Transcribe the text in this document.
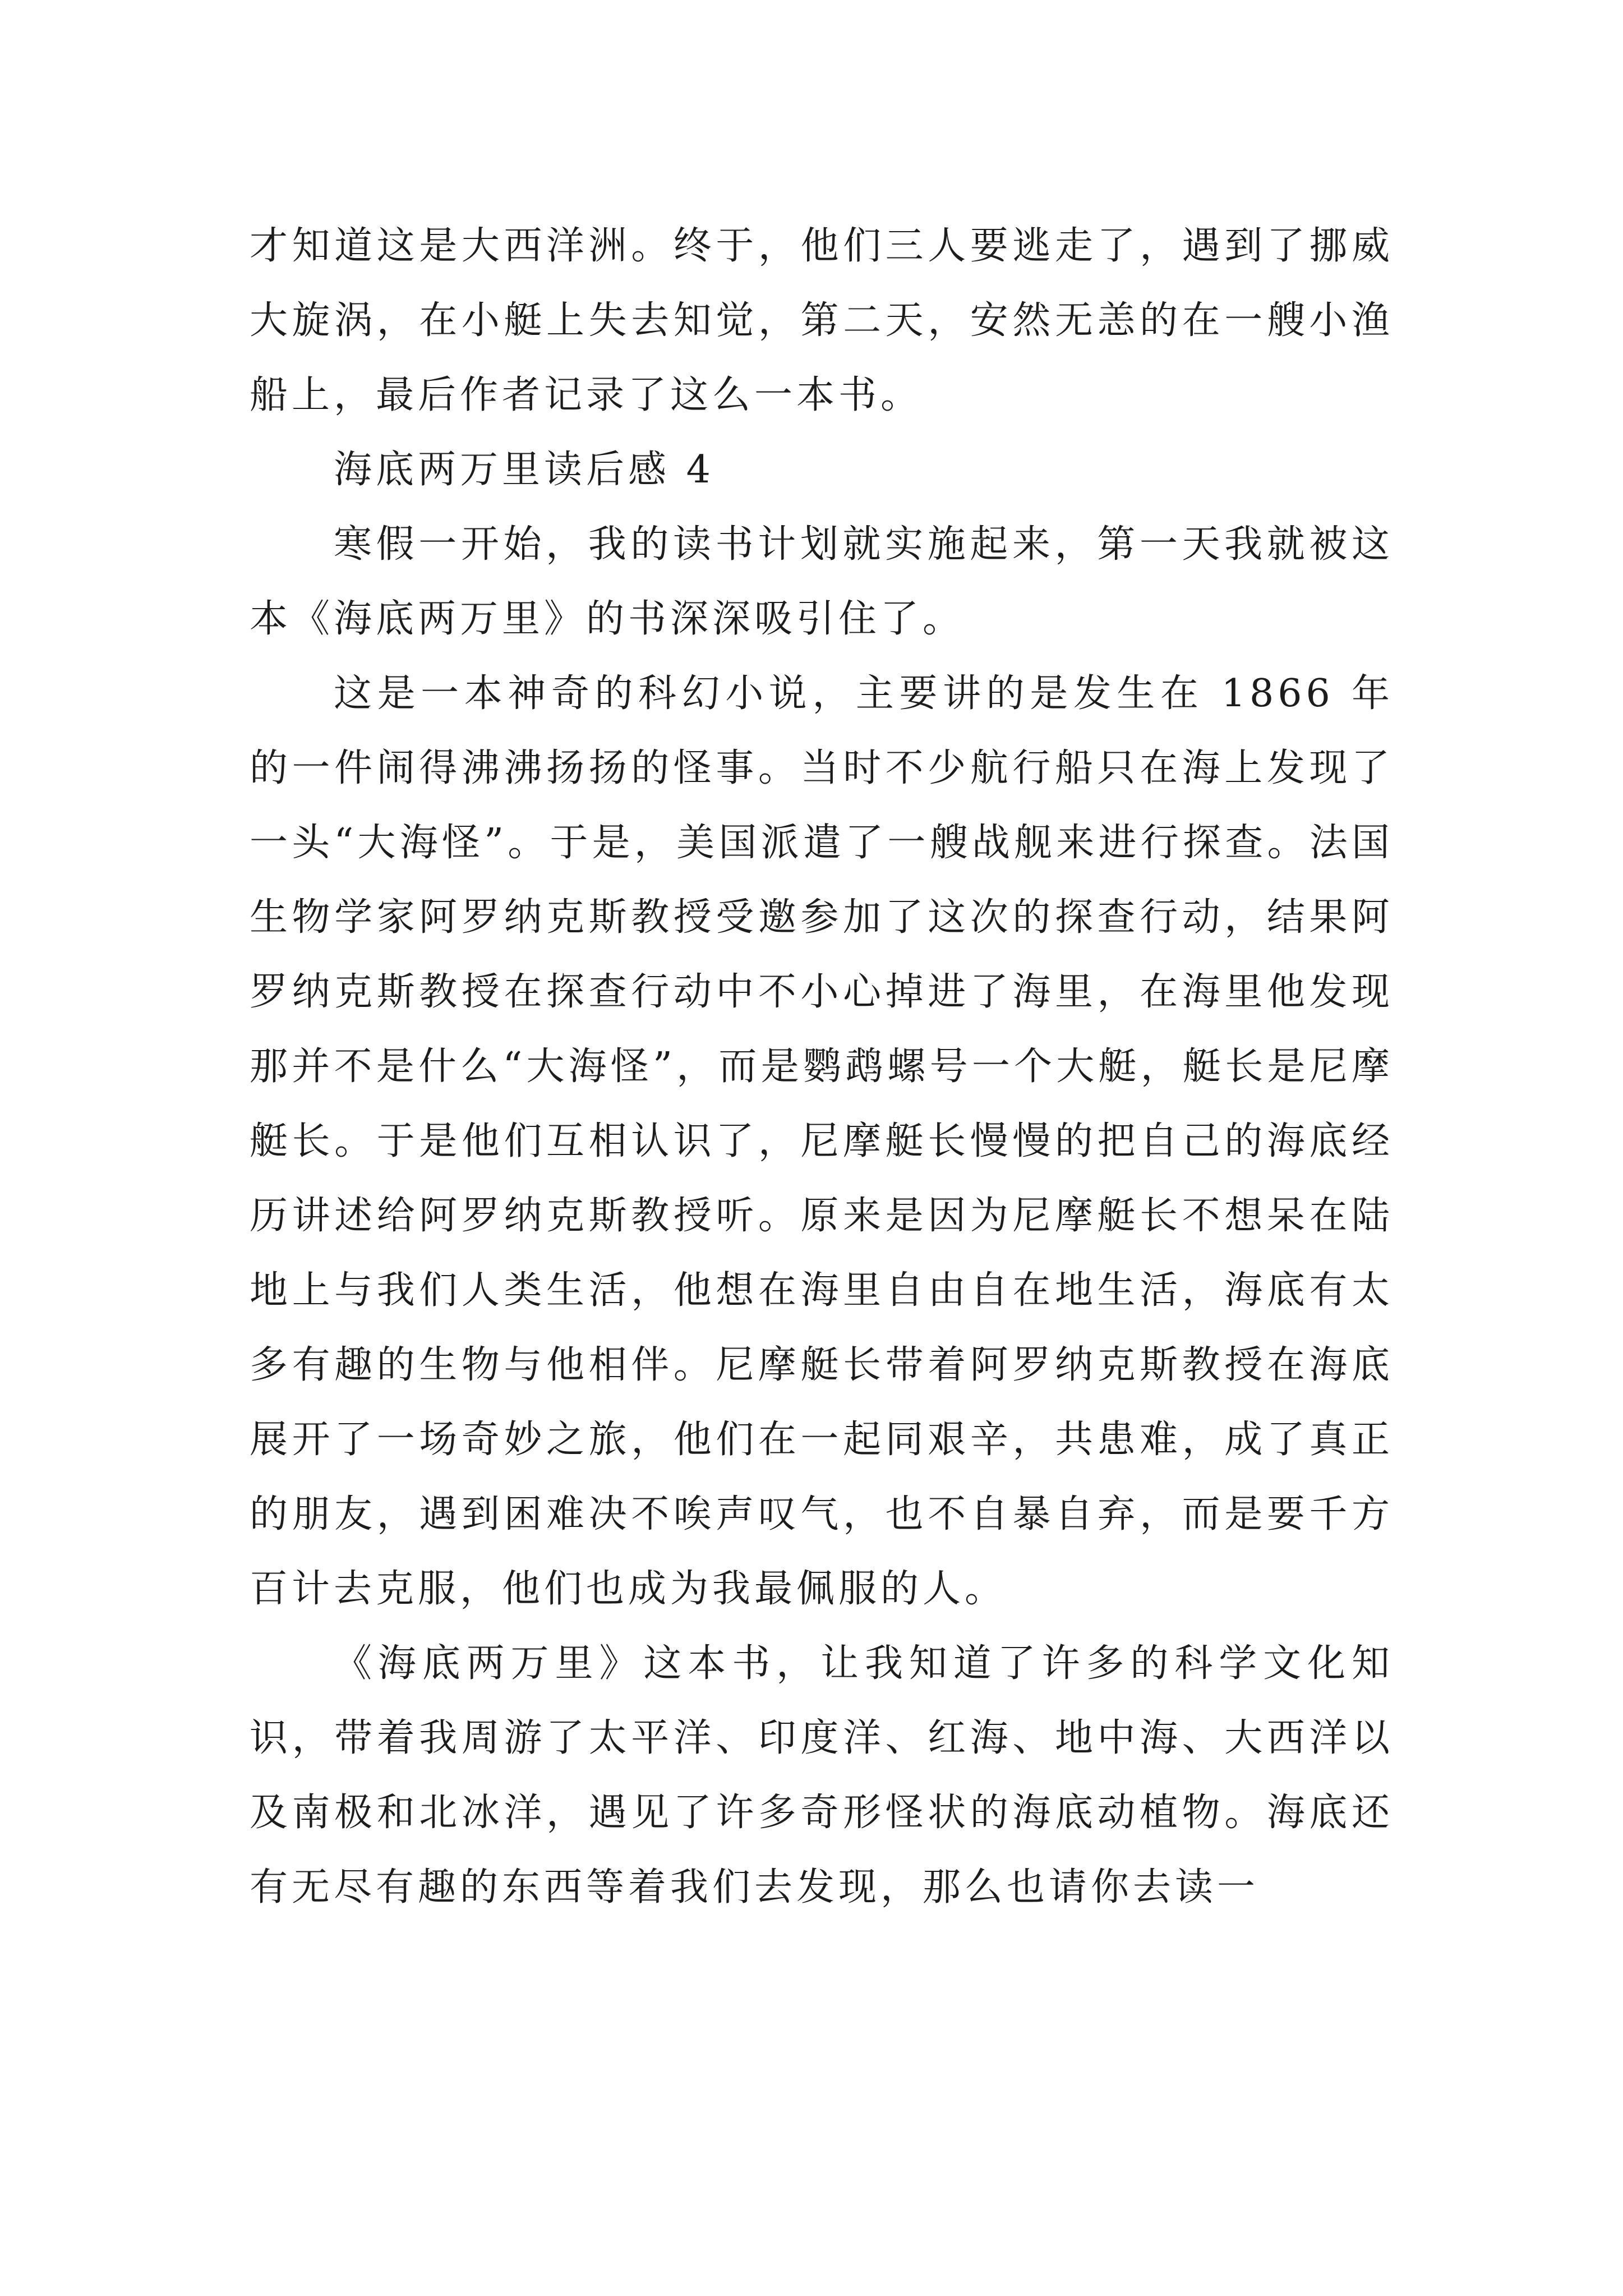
才知道这是大西洋洲。终于，他们三人要逃走了，遇到了挪威大旋涡，在小艇上失去知觉，第二天，安然无恙的在一艘小渔船上，最后作者记录了这么一本书。

海底两万里读后感 4

寒假一开始，我的读书计划就实施起来，第一天我就被这本《海底两万里》的书深深吸引住了。

这是一本神奇的科幻小说，主要讲的是发生在 1866 年的一件闹得沸沸扬扬的怪事。当时不少航行船只在海上发现了一头“大海怪”。于是，美国派遣了一艘战舰来进行探查。法国生物学家阿罗纳克斯教授受邀参加了这次的探查行动，结果阿罗纳克斯教授在探查行动中不小心掉进了海里，在海里他发现那并不是什么“大海怪”，而是鹦鹉螺号一个大艇，艇长是尼摩艇长。于是他们互相认识了，尼摩艇长慢慢的把自己的海底经历讲述给阿罗纳克斯教授听。原来是因为尼摩艇长不想呆在陆地上与我们人类生活，他想在海里自由自在地生活，海底有太多有趣的生物与他相伴。尼摩艇长带着阿罗纳克斯教授在海底展开了一场奇妙之旅，他们在一起同艰辛，共患难，成了真正的朋友，遇到困难决不唉声叹气，也不自暴自弃，而是要千方百计去克服，他们也成为我最佩服的人。

《海底两万里》这本书，让我知道了许多的科学文化知识，带着我周游了太平洋、印度洋、红海、地中海、大西洋以及南极和北冰洋，遇见了许多奇形怪状的海底动植物。海底还有无尽有趣的东西等着我们去发现，那么也请你去读一
